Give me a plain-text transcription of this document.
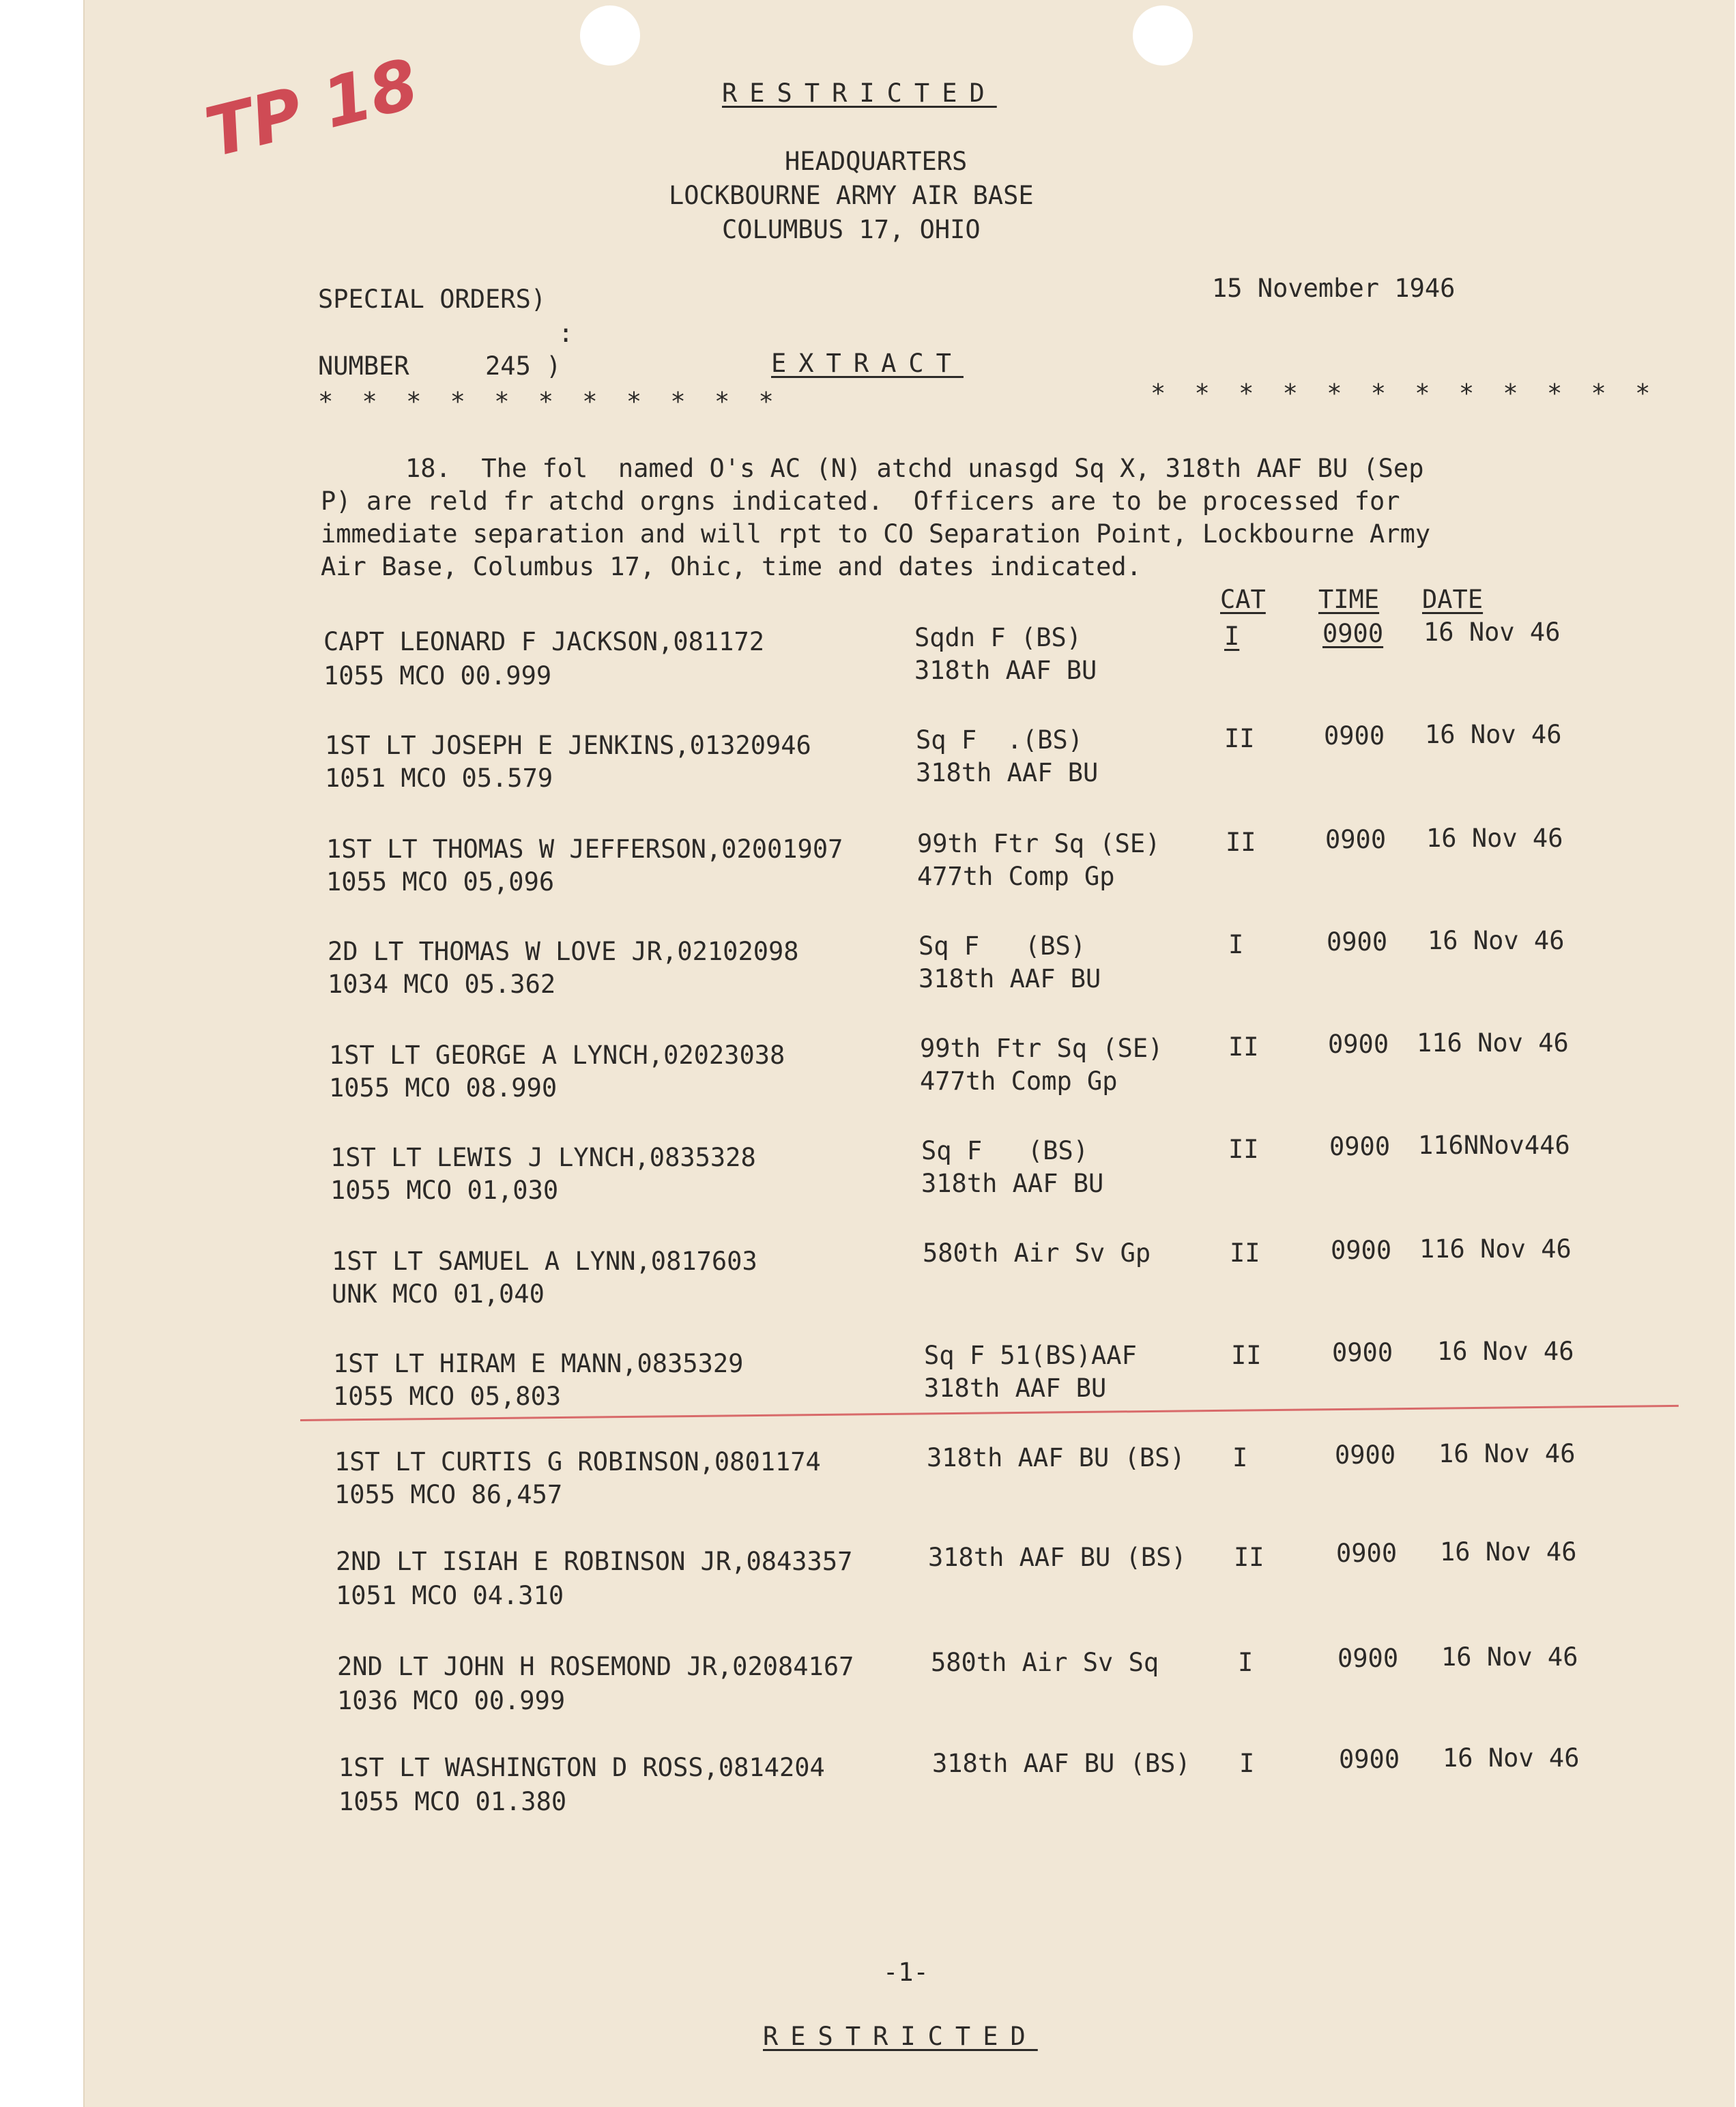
TP 18	RESTRICTED
HEADQUARTERS
LOCKBOURNE ARMY AIR BASE
COLUMBUS 17, OHIO
SPECIAL ORDERS)
:
NUMBER     245 )
15 November 1946
EXTRACT
* * * * * * * * * * *	* * * * * * * * * * * *
18.  The fol  named O's AC (N) atchd unasgd Sq X, 318th AAF BU (Sep
P) are reld fr atchd orgns indicated.  Officers are to be processed for
immediate separation and will rpt to CO Separation Point, Lockbourne Army
Air Base, Columbus 17, Ohic, time and dates indicated.
CAT TIME DATE
CAPT LEONARD F JACKSON,081172
1055 MCO 00.999
Sqdn F (BS)
318th AAF BU
I	0900 16 Nov 46
1ST LT JOSEPH E JENKINS,01320946
1051 MCO 05.579
Sq F  .(BS)
318th AAF BU
II	0900 16 Nov 46
1ST LT THOMAS W JEFFERSON,02001907
1055 MCO 05,096
99th Ftr Sq (SE)
477th Comp Gp
II	0900 16 Nov 46
2D LT THOMAS W LOVE JR,02102098
1034 MCO 05.362
Sq F   (BS)
318th AAF BU
I	0900 16 Nov 46
1ST LT GEORGE A LYNCH,02023038
1055 MCO 08.990
99th Ftr Sq (SE)
477th Comp Gp
II	0900 116 Nov 46
1ST LT LEWIS J LYNCH,0835328
1055 MCO 01,030
Sq F   (BS)
318th AAF BU
II	0900 116NNov446
1ST LT SAMUEL A LYNN,0817603
UNK MCO 01,040
580th Air Sv Gp	II	0900 116 Nov 46
1ST LT HIRAM E MANN,0835329
1055 MCO 05,803
Sq F 51(BS)AAF
318th AAF BU
II	0900 16 Nov 46
1ST LT CURTIS G ROBINSON,0801174
1055 MCO 86,457
318th AAF BU (BS) I	0900 16 Nov 46
2ND LT ISIAH E ROBINSON JR,0843357
1051 MCO 04.310
318th AAF BU (BS) II	0900 16 Nov 46
2ND LT JOHN H ROSEMOND JR,02084167
1036 MCO 00.999
580th Air Sv Sq	I	0900 16 Nov 46
1ST LT WASHINGTON D ROSS,0814204
1055 MCO 01.380
318th AAF BU (BS) I	0900 16 Nov 46
-1-
RESTRICTED
